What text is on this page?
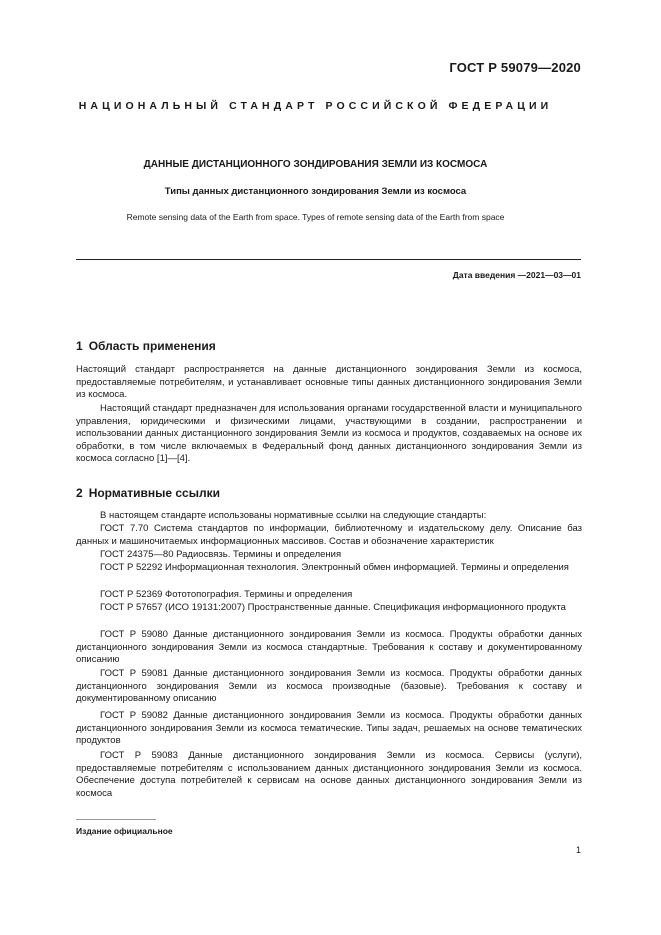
ГОСТ Р 59079—2020
НАЦИОНАЛЬНЫЙ СТАНДАРТ РОССИЙСКОЙ ФЕДЕРАЦИИ
ДАННЫЕ ДИСТАНЦИОННОГО ЗОНДИРОВАНИЯ ЗЕМЛИ ИЗ КОСМОСА
Типы данных дистанционного зондирования Земли из космоса
Remote sensing data of the Earth from space. Types of remote sensing data of the Earth from space
Дата введения —2021—03—01
1 Область применения

Настоящий стандарт распространяется на данные дистанционного зондирования Земли из космоса, предоставляемые потребителям, и устанавливает основные типы данных дистанционного зондирования Земли из космоса.

Настоящий стандарт предназначен для использования органами государственной власти и муниципального управления, юридическими и физическими лицами, участвующими в создании, распространении и использовании данных дистанционного зондирования Земли из космоса и продуктов, создаваемых на основе их обработки, в том числе включаемых в Федеральный фонд данных дистанционного зондирования Земли из космоса согласно [1]—[4].

2 Нормативные ссылки

В настоящем стандарте использованы нормативные ссылки на следующие стандарты:

ГОСТ 7.70 Система стандартов по информации, библиотечному и издательскому делу. Описание баз данных и машиночитаемых информационных массивов. Состав и обозначение характеристик

ГОСТ 24375—80 Радиосвязь. Термины и определения

ГОСТ Р 52292 Информационная технология. Электронный обмен информацией. Термины и определения

ГОСТ Р 52369 Фототопография. Термины и определения

ГОСТ Р 57657 (ИСО 19131:2007) Пространственные данные. Спецификация информационного продукта

ГОСТ Р 59080 Данные дистанционного зондирования Земли из космоса. Продукты обработки данных дистанционного зондирования Земли из космоса стандартные. Требования к составу и документированному описанию

ГОСТ Р 59081 Данные дистанционного зондирования Земли из космоса. Продукты обработки данных дистанционного зондирования Земли из космоса производные (базовые). Требования к составу и документированному описанию

ГОСТ Р 59082 Данные дистанционного зондирования Земли из космоса. Продукты обработки данных дистанционного зондирования Земли из космоса тематические. Типы задач, решаемых на основе тематических продуктов

ГОСТ Р 59083 Данные дистанционного зондирования Земли из космоса. Сервисы (услуги), предоставляемые потребителям с использованием данных дистанционного зондирования Земли из космоса. Обеспечение доступа потребителей к сервисам на основе данных дистанционного зондирования Земли из космоса

Издание официальное
1
